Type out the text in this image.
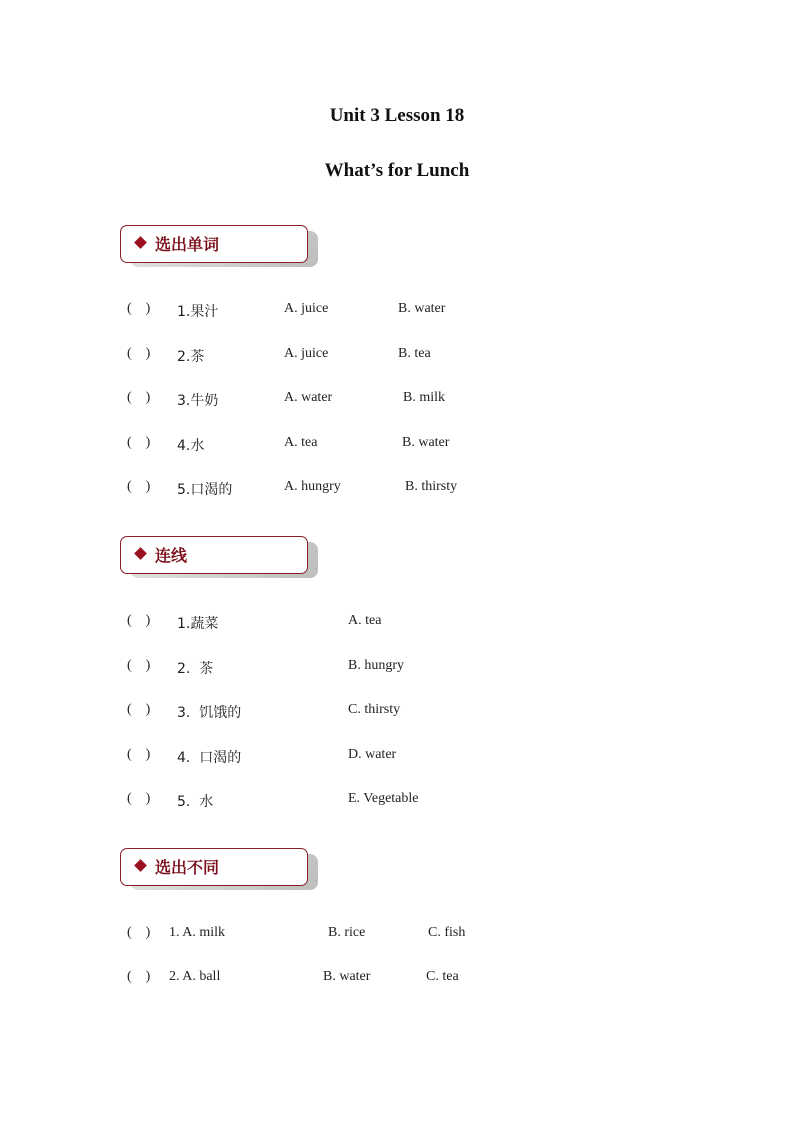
Unit 3 Lesson 18
What’s for Lunch
选出单词
(    ) 1.果汁	A. juice	B. water
(    ) 2.茶	A. juice	B. tea
(    ) 3.牛奶	A. water	B. milk
(    ) 4.水	A. tea	B. water
(    ) 5.口渴的	A. hungry	B. thirsty
连线
(    ) 1.蔬菜	A. tea
(    ) 2.  茶	B. hungry
(    ) 3.  饥饿的	C. thirsty
(    ) 4.  口渴的	D. water
(    ) 5.  水	E. Vegetable
选出不同
(    ) 1. A. milk	B. rice	C. fish
(    ) 2. A. ball	B. water	C. tea
